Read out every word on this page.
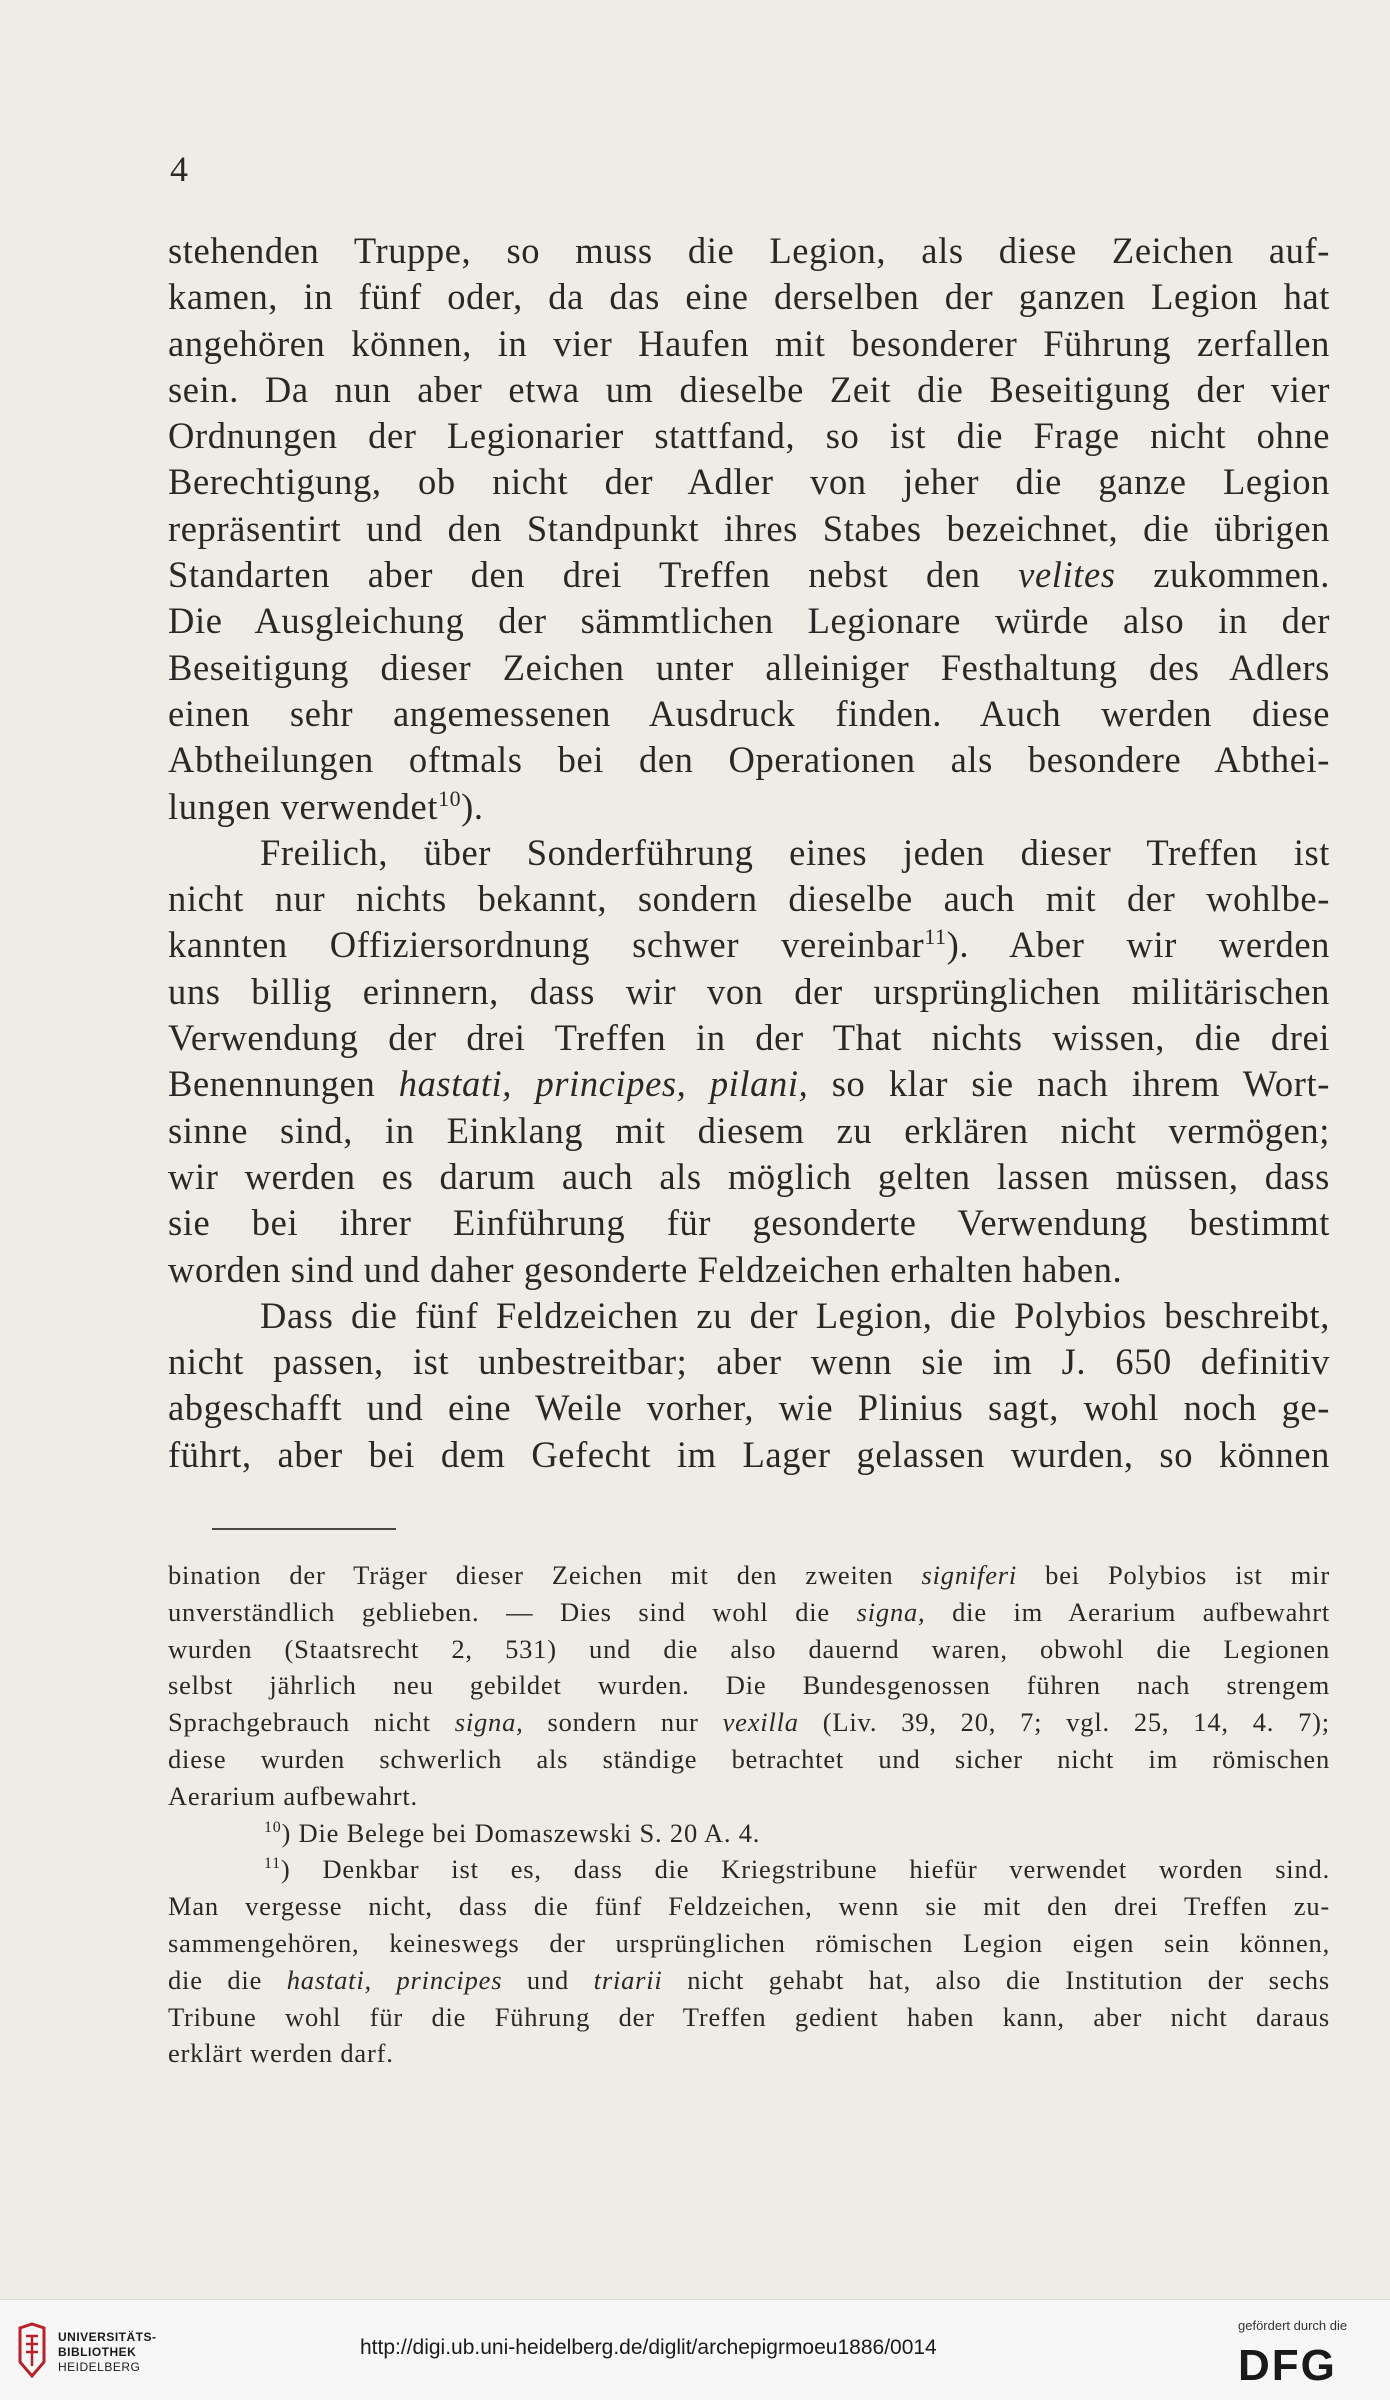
4
stehenden Truppe, so muss die Legion, als diese Zeichen auf-
kamen, in fünf oder, da das eine derselben der ganzen Legion hat
angehören können, in vier Haufen mit besonderer Führung zerfallen
sein. Da nun aber etwa um dieselbe Zeit die Beseitigung der vier
Ordnungen der Legionarier stattfand, so ist die Frage nicht ohne
Berechtigung, ob nicht der Adler von jeher die ganze Legion
repräsentirt und den Standpunkt ihres Stabes bezeichnet, die übrigen
Standarten aber den drei Treffen nebst den velites zukommen.
Die Ausgleichung der sämmtlichen Legionare würde also in der
Beseitigung dieser Zeichen unter alleiniger Festhaltung des Adlers
einen sehr angemessenen Ausdruck finden. Auch werden diese
Abtheilungen oftmals bei den Operationen als besondere Abthei-
lungen verwendet$^{10}$).
Freilich, über Sonderführung eines jeden dieser Treffen ist
nicht nur nichts bekannt, sondern dieselbe auch mit der wohlbe-
kannten Offiziersordnung schwer vereinbar$^{11}$). Aber wir werden
uns billig erinnern, dass wir von der ursprünglichen militärischen
Verwendung der drei Treffen in der That nichts wissen, die drei
Benennungen hastati, principes, pilani, so klar sie nach ihrem Wort-
sinne sind, in Einklang mit diesem zu erklären nicht vermögen;
wir werden es darum auch als möglich gelten lassen müssen, dass
sie bei ihrer Einführung für gesonderte Verwendung bestimmt
worden sind und daher gesonderte Feldzeichen erhalten haben.
Dass die fünf Feldzeichen zu der Legion, die Polybios beschreibt,
nicht passen, ist unbestreitbar; aber wenn sie im J. 650 definitiv
abgeschafft und eine Weile vorher, wie Plinius sagt, wohl noch ge-
führt, aber bei dem Gefecht im Lager gelassen wurden, so können
bination der Träger dieser Zeichen mit den zweiten signiferi bei Polybios ist mir
unverständlich geblieben. — Dies sind wohl die signa, die im Aerarium aufbewahrt
wurden (Staatsrecht 2, 531) und die also dauernd waren, obwohl die Legionen
selbst jährlich neu gebildet wurden. Die Bundesgenossen führen nach strengem
Sprachgebrauch nicht signa, sondern nur vexilla (Liv. 39, 20, 7; vgl. 25, 14, 4. 7);
diese wurden schwerlich als ständige betrachtet und sicher nicht im römischen
Aerarium aufbewahrt.
$^{10}$) Die Belege bei Domaszewski S. 20 A. 4.
$^{11}$) Denkbar ist es, dass die Kriegstribune hiefür verwendet worden sind.
Man vergesse nicht, dass die fünf Feldzeichen, wenn sie mit den drei Treffen zu-
sammengehören, keineswegs der ursprünglichen römischen Legion eigen sein können,
die die hastati, principes und triarii nicht gehabt hat, also die Institution der sechs
Tribune wohl für die Führung der Treffen gedient haben kann, aber nicht daraus
erklärt werden darf.
UNIVERSITÄTS-
BIBLIOTHEK
HEIDELBERG
http://digi.ub.uni-heidelberg.de/diglit/archepigrmoeu1886/0014
gefördert durch die
DFG
